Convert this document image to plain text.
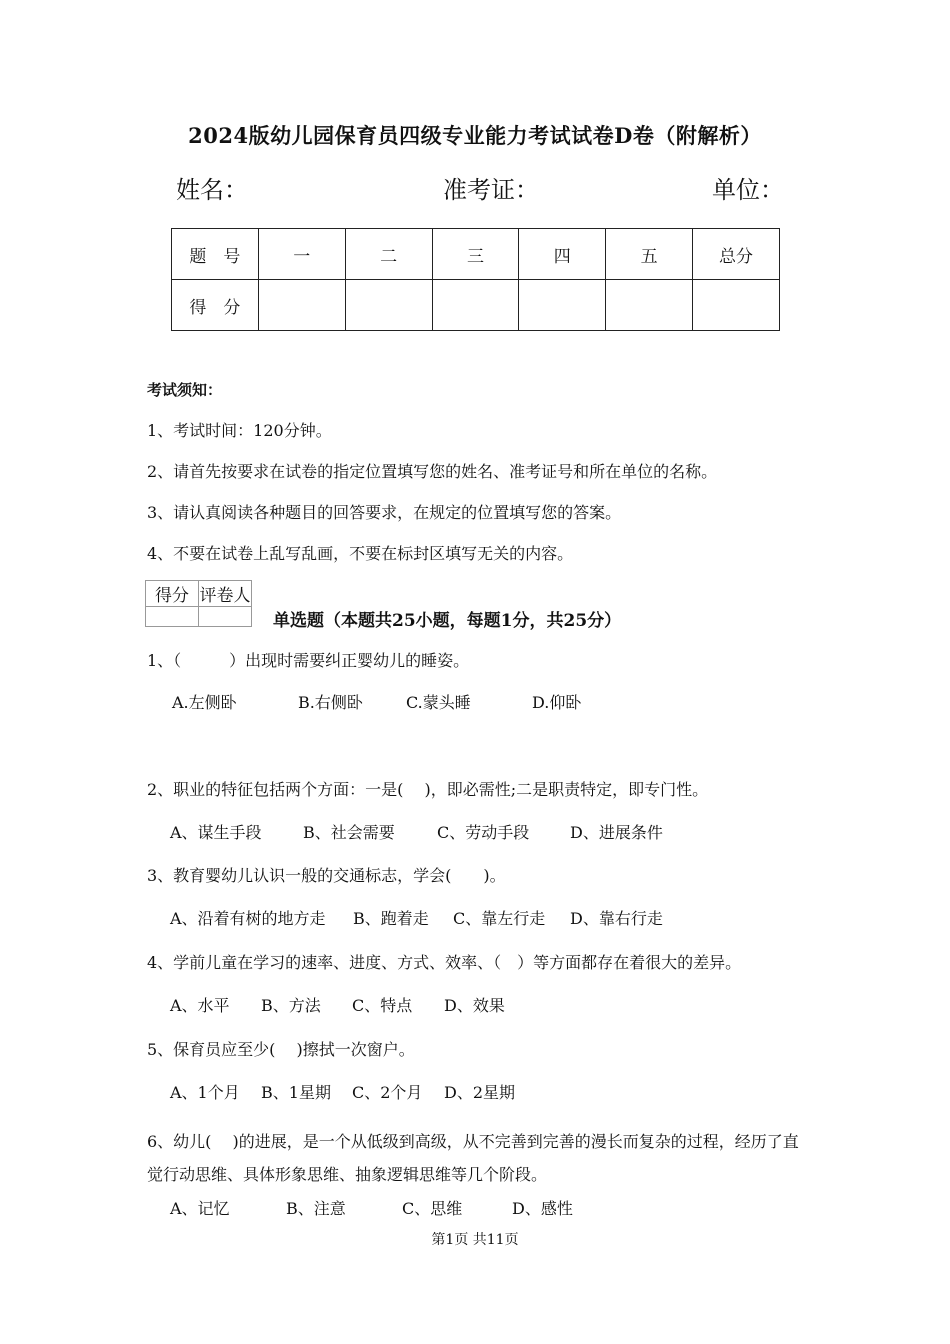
2024版幼儿园保育员四级专业能力考试试卷D卷（附解析）
姓名：	准考证：	单位：
题　号	一	二	三	四	五	总分
得　分						
考试须知：
1、考试时间：120分钟。
2、请首先按要求在试卷的指定位置填写您的姓名、准考证号和所在单位的名称。
3、请认真阅读各种题目的回答要求，在规定的位置填写您的答案。
4、不要在试卷上乱写乱画，不要在标封区填写无关的内容。
得分	评卷人

单选题（本题共25小题，每题1分，共25分）
1、（　　　）出现时需要纠正婴幼儿的睡姿。
A.左侧卧	B.右侧卧	C.蒙头睡	D.仰卧
2、职业的特征包括两个方面：一是(　 )，即必需性;二是职责特定，即专门性。
A、谋生手段	B、社会需要	C、劳动手段	D、进展条件
3、教育婴幼儿认识一般的交通标志，学会(　　)。
A、沿着有树的地方走 B、跑着走 C、靠左行走 D、靠右行走
4、学前儿童在学习的速率、进度、方式、效率、（　）等方面都存在着很大的差异。
A、水平 B、方法 C、特点 D、效果
5、保育员应至少(　 )擦拭一次窗户。
A、1个月 B、1星期 C、2个月 D、2星期
6、幼儿(　 )的进展，是一个从低级到高级，从不完善到完善的漫长而复杂的过程，经历了直觉行动思维、具体形象思维、抽象逻辑思维等几个阶段。
A、记忆	B、注意	C、思维	D、感性
第1页 共11页
